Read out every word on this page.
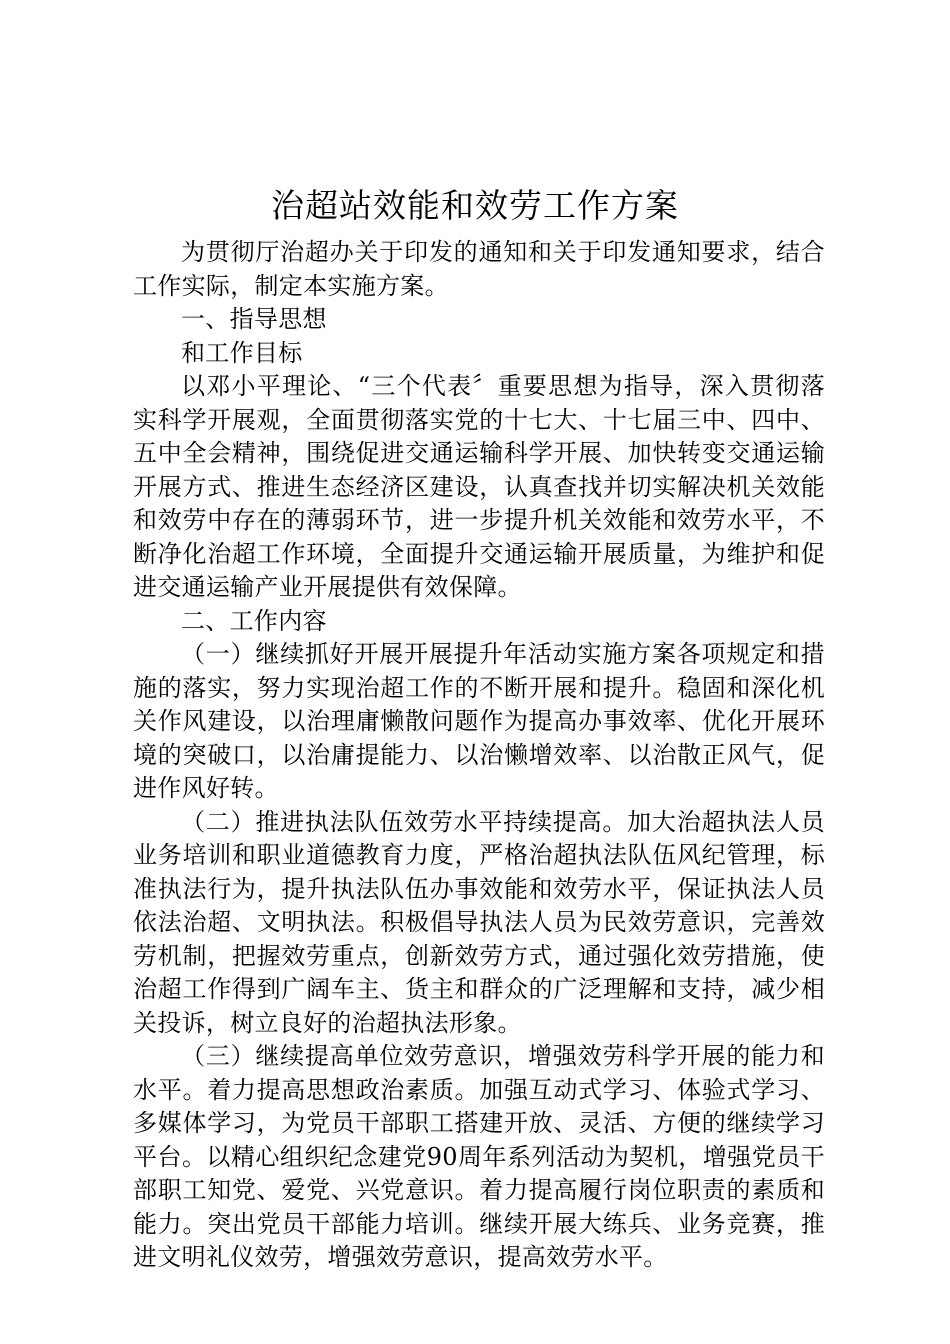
治超站效能和效劳工作方案

为贯彻厅治超办关于印发的通知和关于印发通知要求，结合工作实际，制定本实施方案。

一、指导思想

和工作目标

以邓小平理论、“三个代表〞重要思想为指导，深入贯彻落实科学开展观，全面贯彻落实党的十七大、十七届三中、四中、五中全会精神，围绕促进交通运输科学开展、加快转变交通运输开展方式、推进生态经济区建设，认真查找并切实解决机关效能和效劳中存在的薄弱环节，进一步提升机关效能和效劳水平，不断净化治超工作环境，全面提升交通运输开展质量，为维护和促进交通运输产业开展提供有效保障。

二、工作内容

（一）继续抓好开展开展提升年活动实施方案各项规定和措施的落实，努力实现治超工作的不断开展和提升。稳固和深化机关作风建设，以治理庸懒散问题作为提高办事效率、优化开展环境的突破口，以治庸提能力、以治懒增效率、以治散正风气，促进作风好转。

（二）推进执法队伍效劳水平持续提高。加大治超执法人员业务培训和职业道德教育力度，严格治超执法队伍风纪管理，标准执法行为，提升执法队伍办事效能和效劳水平，保证执法人员依法治超、文明执法。积极倡导执法人员为民效劳意识，完善效劳机制，把握效劳重点，创新效劳方式，通过强化效劳措施，使治超工作得到广阔车主、货主和群众的广泛理解和支持，减少相关投诉，树立良好的治超执法形象。

（三）继续提高单位效劳意识，增强效劳科学开展的能力和水平。着力提高思想政治素质。加强互动式学习、体验式学习、多媒体学习，为党员干部职工搭建开放、灵活、方便的继续学习平台。以精心组织纪念建党90周年系列活动为契机，增强党员干部职工知党、爱党、兴党意识。着力提高履行岗位职责的素质和能力。突出党员干部能力培训。继续开展大练兵、业务竞赛，推进文明礼仪效劳，增强效劳意识，提高效劳水平。
